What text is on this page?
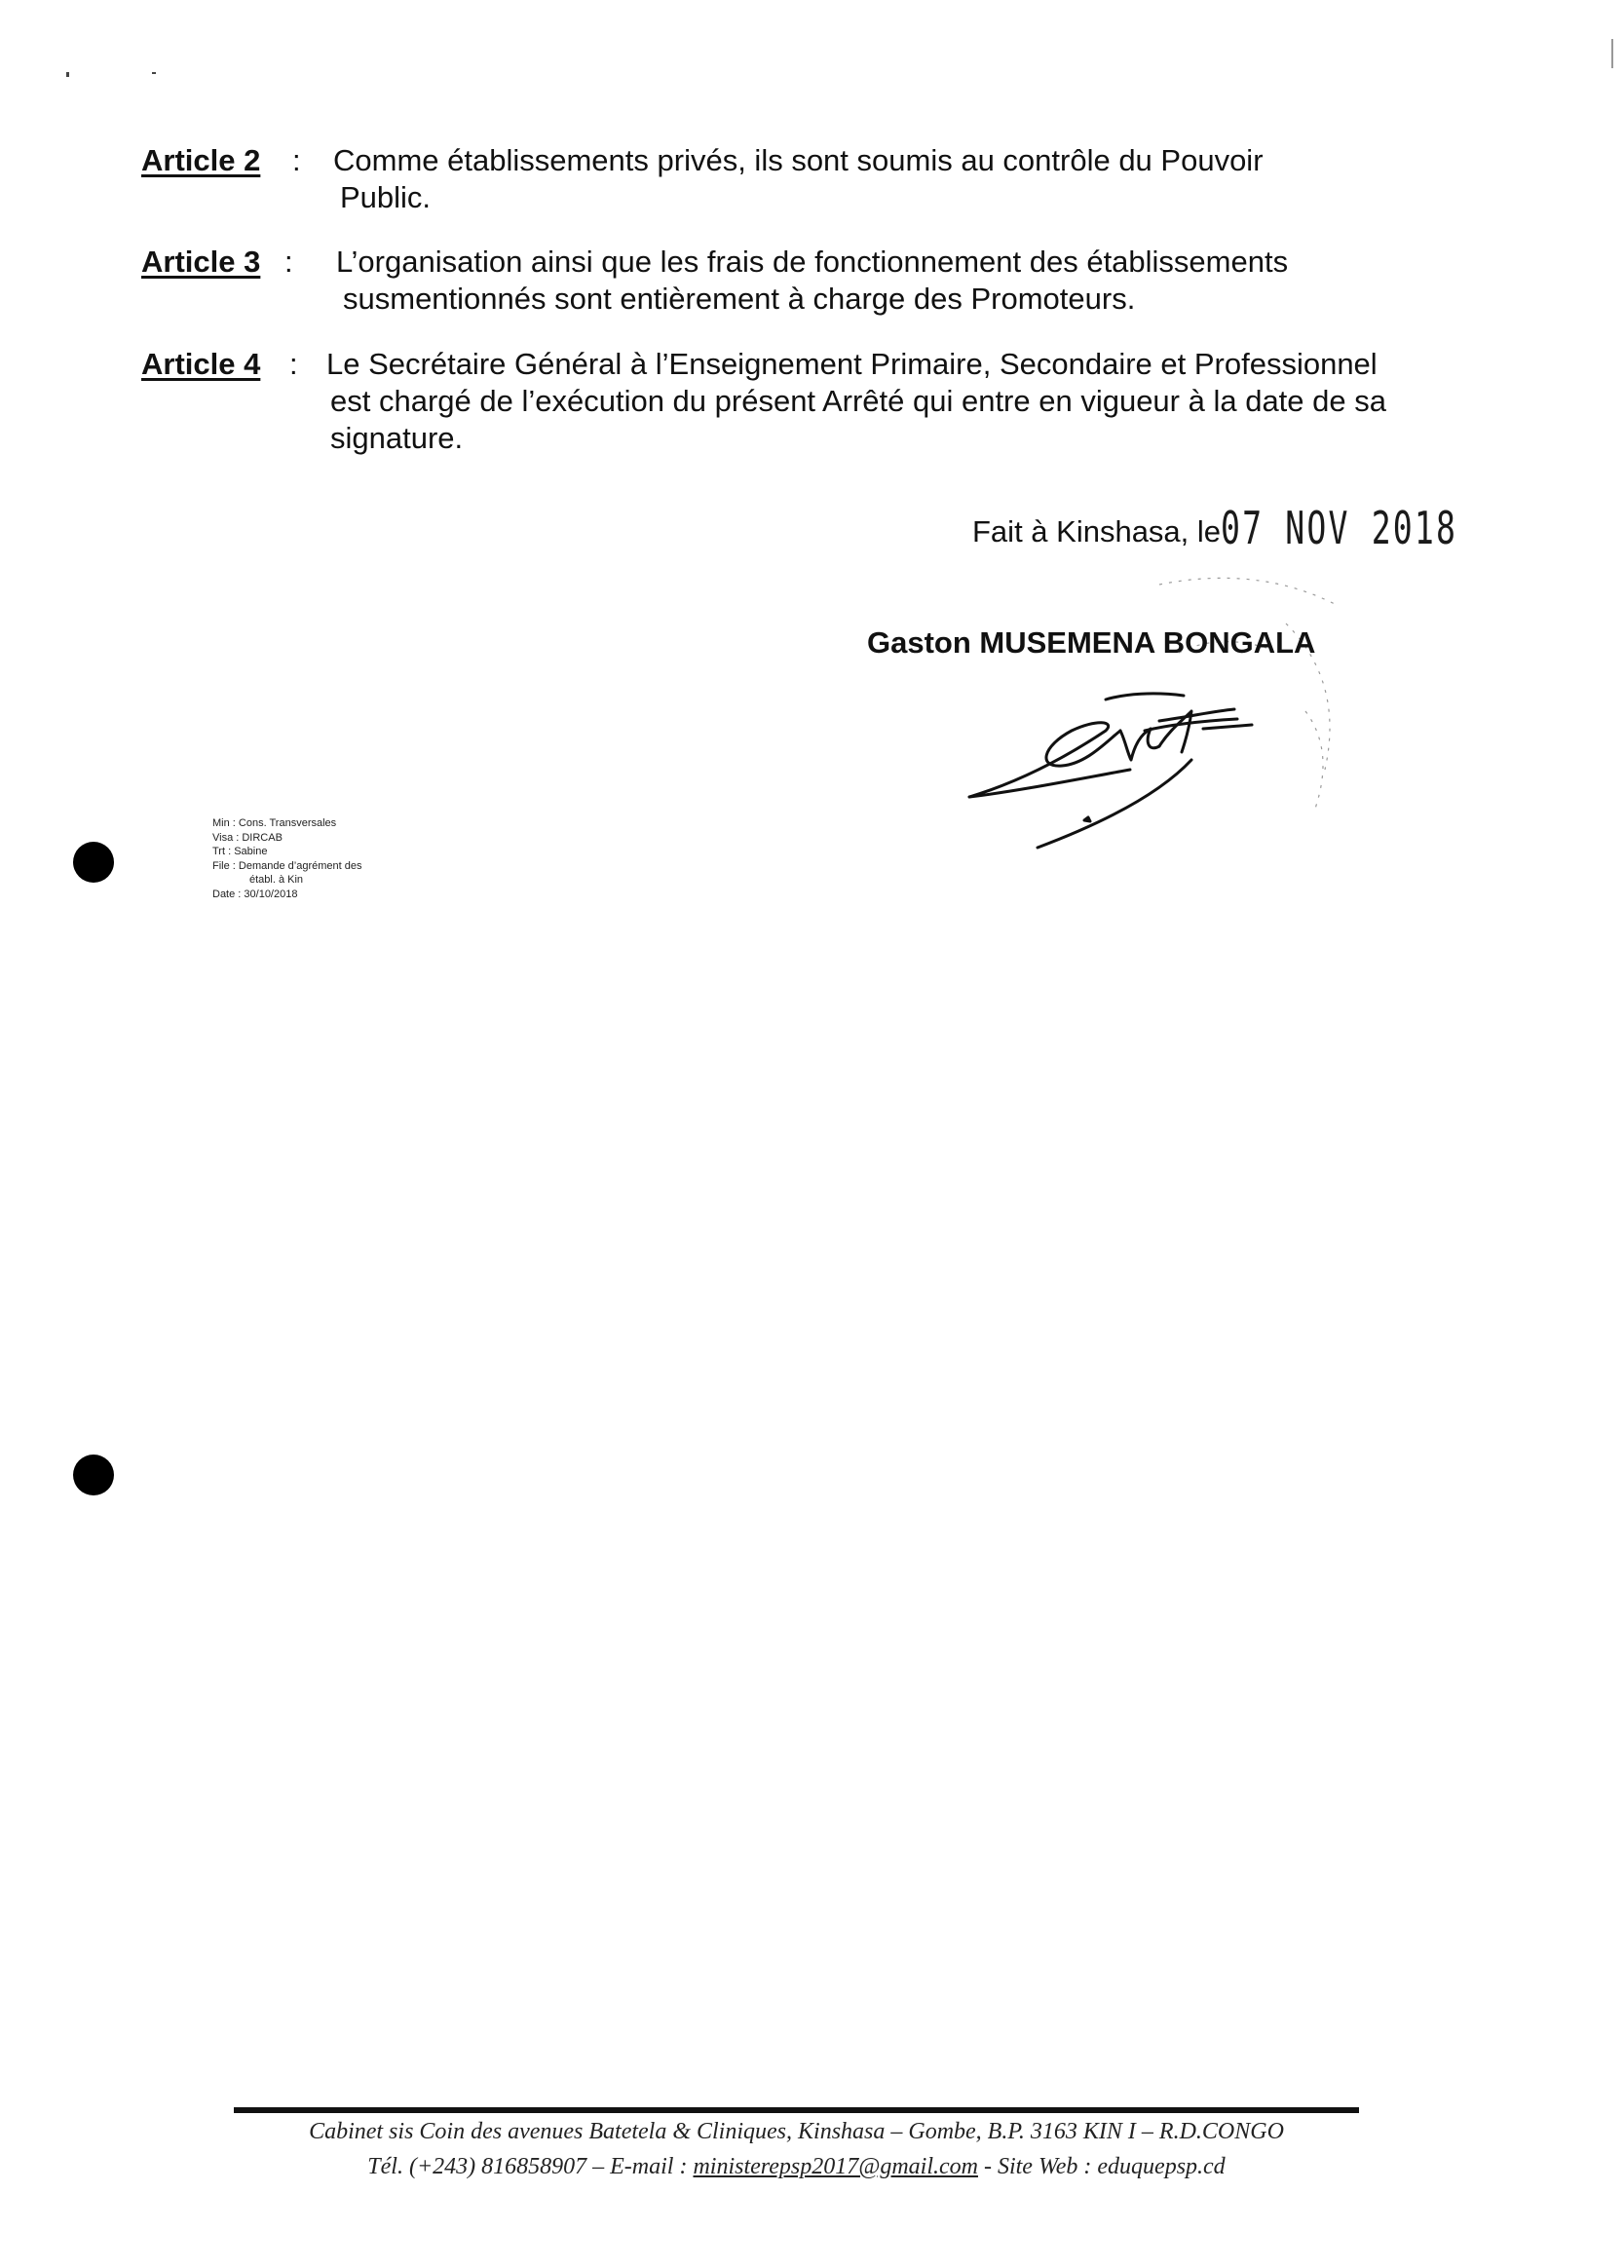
Article 2 : Comme établissements privés, ils sont soumis au contrôle du Pouvoir
Public.
Article 3 : L’organisation ainsi que les frais de fonctionnement des établissements
susmentionnés sont entièrement à charge des Promoteurs.
Article 4 : Le Secrétaire Général à l’Enseignement Primaire, Secondaire et Professionnel
est chargé de l’exécution du présent Arrêté qui entre en vigueur à la date de sa
signature.
Fait à Kinshasa, le07 NOV 2018
Gaston MUSEMENA BONGALA
Min : Cons. Transversales
Visa : DIRCAB
Trt : Sabine
File : Demande d’agrément des
établ. à Kin
Date : 30/10/2018
Cabinet sis Coin des avenues Batetela & Cliniques, Kinshasa – Gombe, B.P. 3163 KIN I – R.D.CONGO
Tél. (+243) 816858907 – E-mail : ministerepsp2017@gmail.com - Site Web : eduquepsp.cd
